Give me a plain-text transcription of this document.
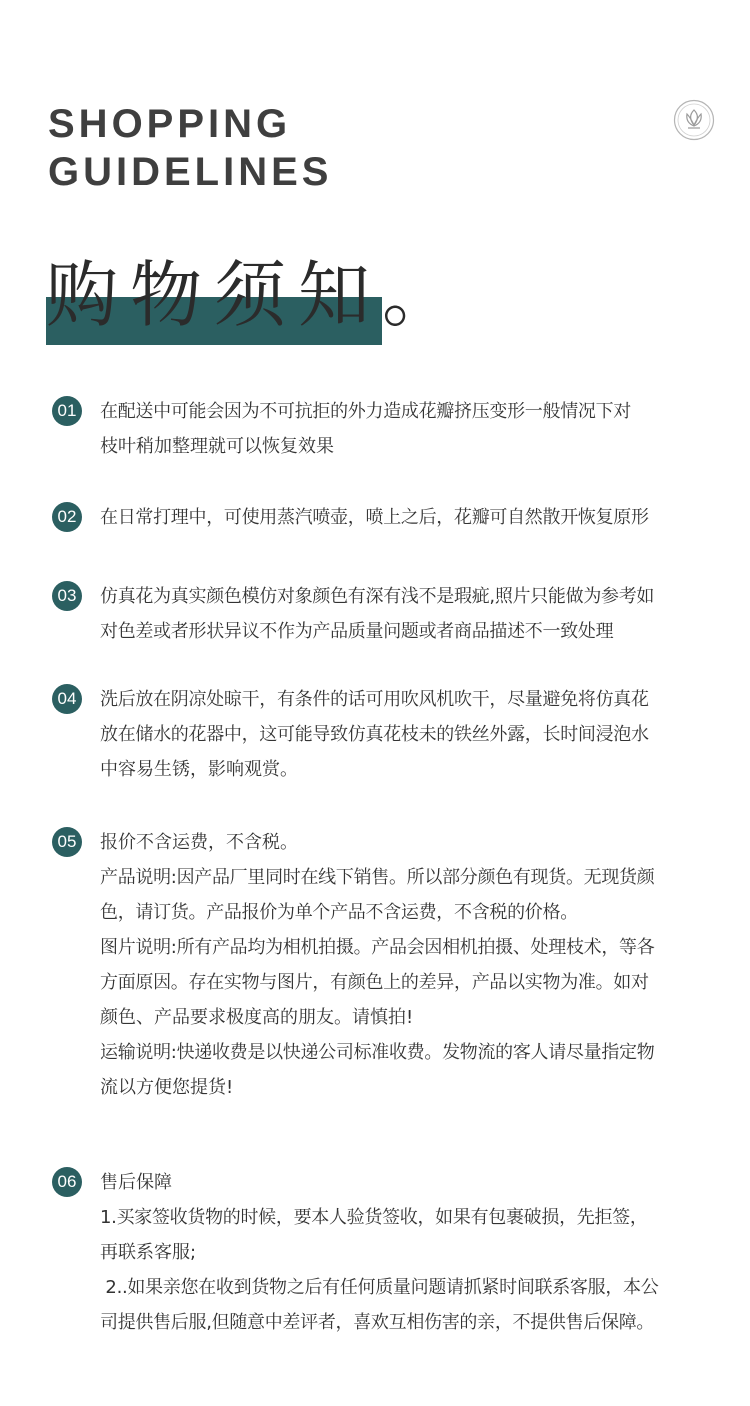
SHOPPING
GUIDELINES
购物须知。
01	在配送中可能会因为不可抗拒的外力造成花瓣挤压变形一般情况下对

枝叶稍加整理就可以恢复效果

02	在日常打理中，可使用蒸汽喷壶，喷上之后，花瓣可自然散开恢复原形

03	仿真花为真实颜色模仿对象颜色有深有浅不是瑕疵,照片只能做为参考如

对色差或者形状异议不作为产品质量问题或者商品描述不一致处理

04	洗后放在阴凉处晾干，有条件的话可用吹风机吹干，尽量避免将仿真花

放在储水的花器中，这可能导致仿真花枝未的铁丝外露，长时间浸泡水

中容易生锈，影响观赏。

05	报价不含运费，不含税。

产品说明:因产品厂里同时在线下销售。所以部分颜色有现货。无现货颜

色，请订货。产品报价为单个产品不含运费，不含税的价格。

图片说明:所有产品均为相机拍摄。产品会因相机拍摄、处理枝术，等各

方面原因。存在实物与图片，有颜色上的差异，产品以实物为准。如对

颜色、产品要求极度高的朋友。请慎拍!

运输说明:快递收费是以快递公司标准收费。发物流的客人请尽量指定物

流以方便您提货!

06	售后保障

1.买家签收货物的时候，要本人验货签收，如果有包裹破损，先拒签，

再联系客服;

2..如果亲您在收到货物之后有任何质量问题请抓紧时间联系客服，本公

司提供售后服,但随意中差评者，喜欢互相伤害的亲，不提供售后保障。
